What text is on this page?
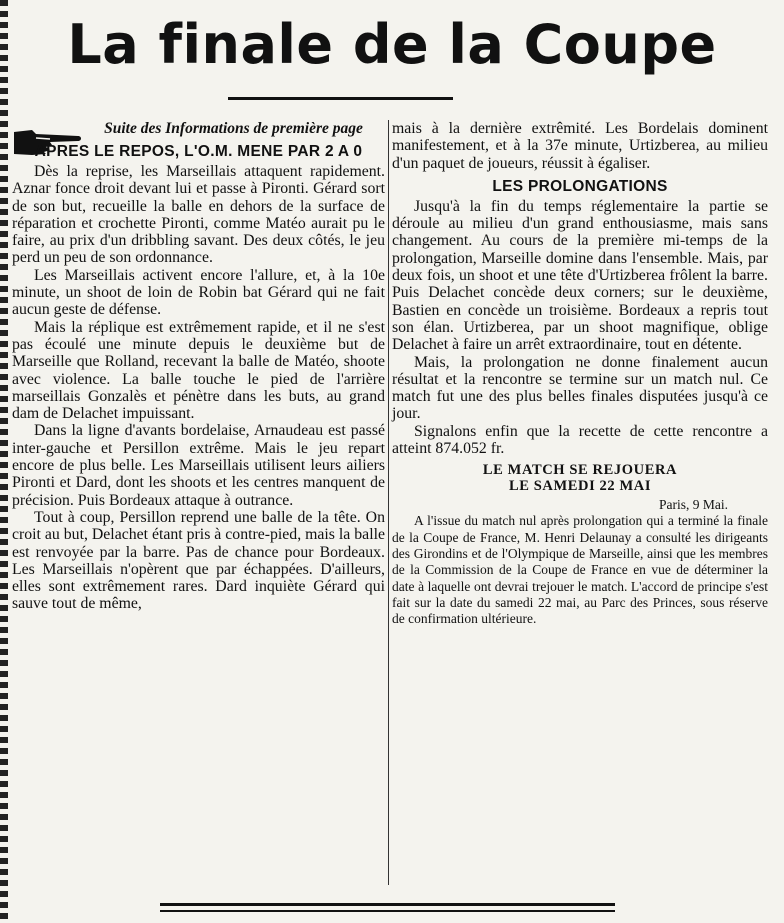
La finale de la Coupe
Suite des Informations de première page
APRES LE REPOS, L'O.M. MENE PAR 2 A 0

Dès la reprise, les Marseillais attaquent rapidement. Aznar fonce droit devant lui et passe à Pironti. Gérard sort de son but, recueille la balle en dehors de la surface de réparation et crochette Pironti, comme Matéo aurait pu le faire, au prix d'un dribbling savant. Des deux côtés, le jeu perd un peu de son ordonnance.

Les Marseillais activent encore l'allure, et, à la 10e minute, un shoot de loin de Robin bat Gérard qui ne fait aucun geste de défense.

Mais la réplique est extrêmement rapide, et il ne s'est pas écoulé une minute depuis le deuxième but de Marseille que Rolland, recevant la balle de Matéo, shoote avec violence. La balle touche le pied de l'arrière marseillais Gonzalès et pénètre dans les buts, au grand dam de Delachet impuissant.

Dans la ligne d'avants bordelaise, Arnaudeau est passé inter-gauche et Persillon extrême. Mais le jeu repart encore de plus belle. Les Marseillais utilisent leurs ailiers Pironti et Dard, dont les shoots et les centres manquent de précision. Puis Bordeaux attaque à outrance.

Tout à coup, Persillon reprend une balle de la tête. On croit au but, Delachet étant pris à contre-pied, mais la balle est renvoyée par la barre. Pas de chance pour Bordeaux. Les Marseillais n'opèrent que par échappées. D'ailleurs, elles sont extrêmement rares. Dard inquiète Gérard qui sauve tout de même,

mais à la dernière extrêmité. Les Bordelais dominent manifestement, et à la 37e minute, Urtizberea, au milieu d'un paquet de joueurs, réussit à égaliser.

LES PROLONGATIONS

Jusqu'à la fin du temps réglementaire la partie se déroule au milieu d'un grand enthousiasme, mais sans changement. Au cours de la première mi-temps de la prolongation, Marseille domine dans l'ensemble. Mais, par deux fois, un shoot et une tête d'Urtizberea frôlent la barre. Puis Delachet concède deux corners; sur le deuxième, Bastien en concède un troisième. Bordeaux a repris tout son élan. Urtizberea, par un shoot magnifique, oblige Delachet à faire un arrêt extraordinaire, tout en détente.

Mais, la prolongation ne donne finalement aucun résultat et la rencontre se termine sur un match nul. Ce match fut une des plus belles finales disputées jusqu'à ce jour.

Signalons enfin que la recette de cette rencontre a atteint 874.052 fr.

LE MATCH SE REJOUERA
LE SAMEDI 22 MAI
Paris, 9 Mai.

A l'issue du match nul après prolongation qui a terminé la finale de la Coupe de France, M. Henri Delaunay a consulté les dirigeants des Girondins et de l'Olympique de Marseille, ainsi que les membres de la Commission de la Coupe de France en vue de déterminer la date à laquelle ont devrai trejouer le match. L'accord de principe s'est fait sur la date du samedi 22 mai, au Parc des Princes, sous réserve de confirmation ultérieure.
